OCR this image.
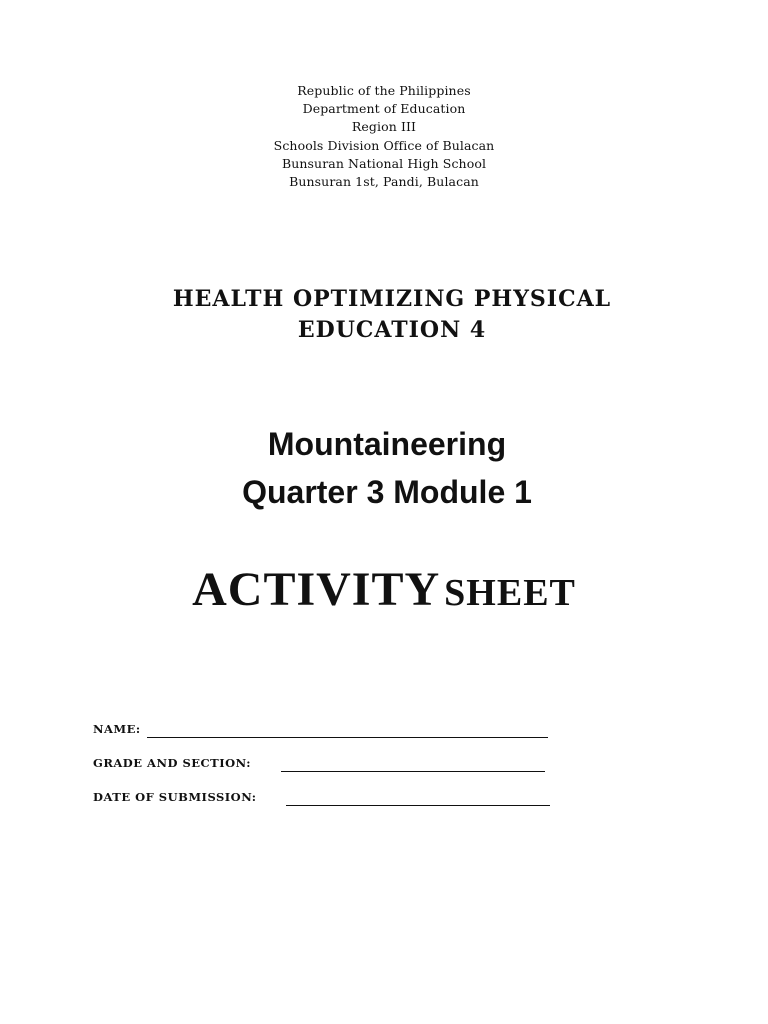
Republic of the Philippines
Department of Education
Region III
Schools Division Office of Bulacan
Bunsuran National High School
Bunsuran 1st, Pandi, Bulacan
HEALTH OPTIMIZING PHYSICAL
EDUCATION 4
Mountaineering
Quarter 3 Module 1
ACTIVITY SHEET
NAME:
GRADE AND SECTION:
DATE OF SUBMISSION:
